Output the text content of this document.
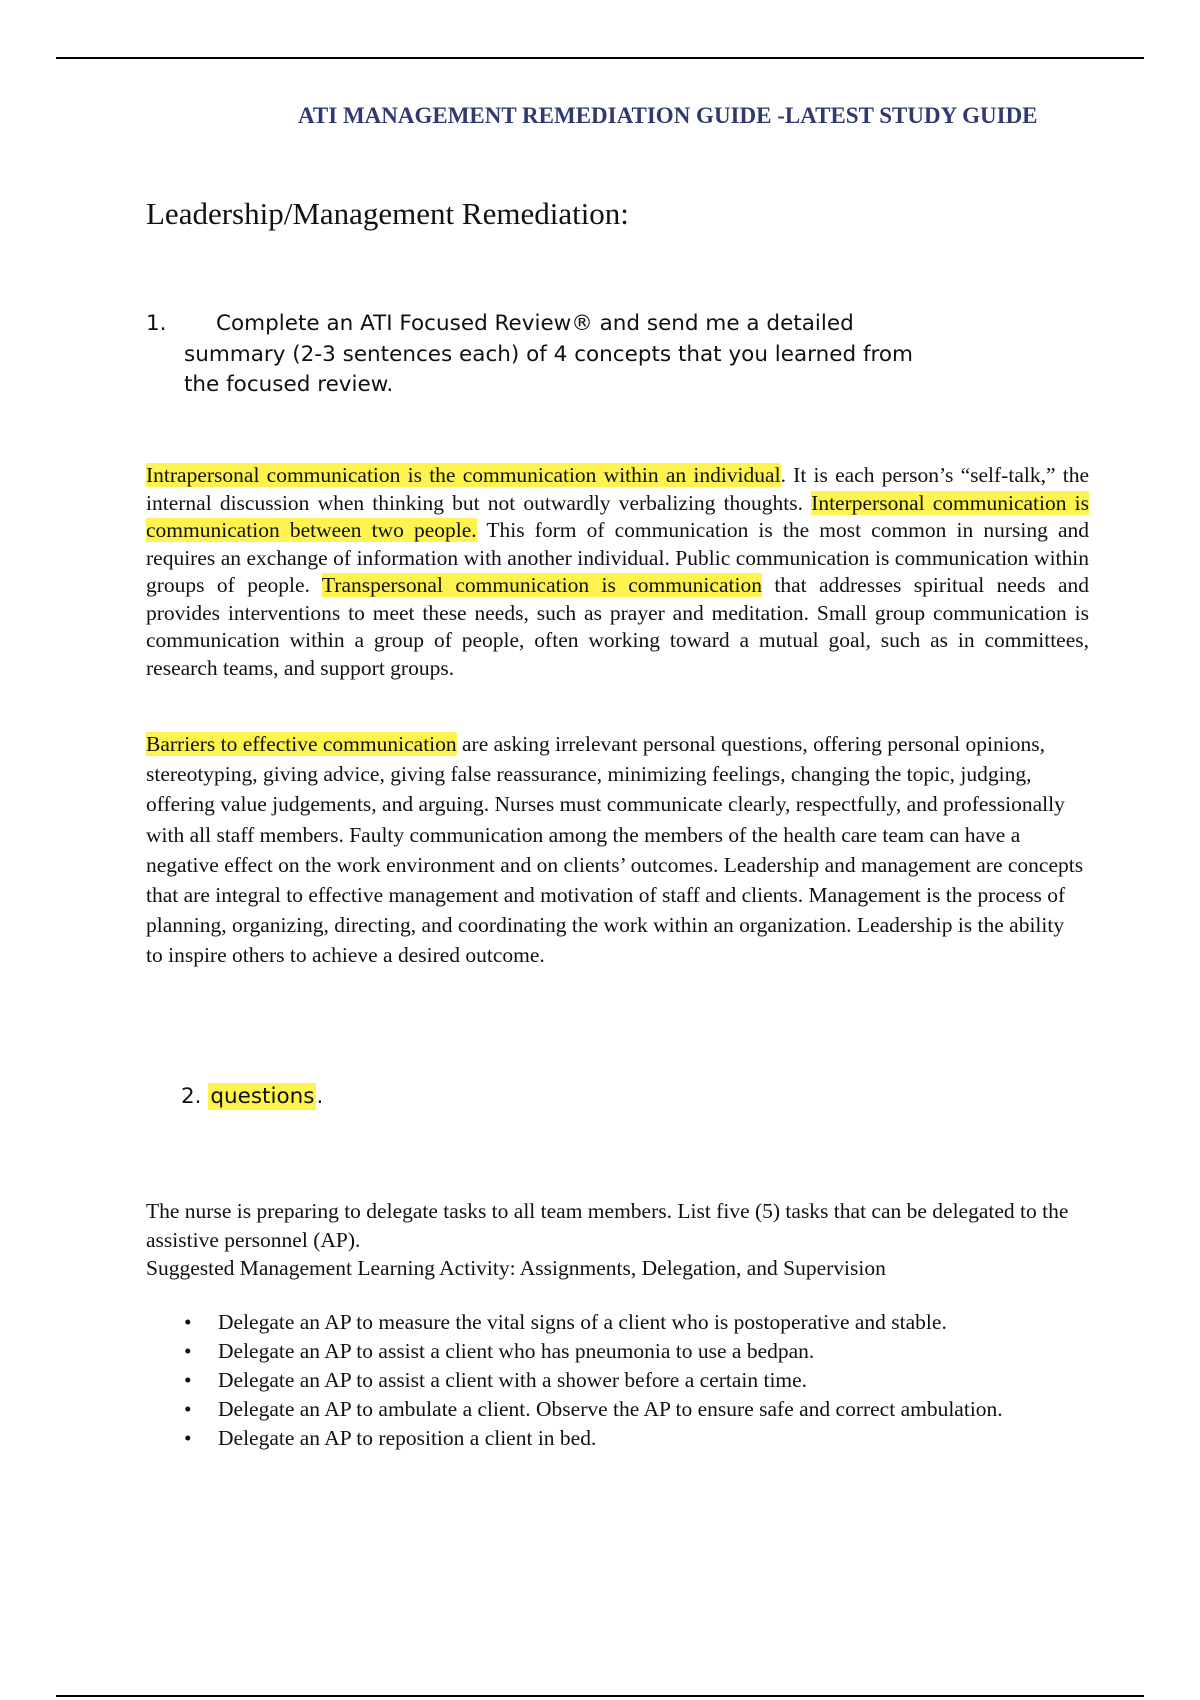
ATI MANAGEMENT REMEDIATION GUIDE -LATEST STUDY GUIDE
Leadership/Management Remediation:
1. Complete an ATI Focused Review® and send me a detailed
summary (2-3 sentences each) of 4 concepts that you learned from
the focused review.
Intrapersonal communication is the communication within an individual. It is each person’s “self-talk,” the internal discussion when thinking but not outwardly verbalizing thoughts. Interpersonal communication is communication between two people. This form of communication is the most common in nursing and requires an exchange of information with another individual. Public communication is communication within groups of people. Transpersonal communication is communication that addresses spiritual needs and provides interventions to meet these needs, such as prayer and meditation. Small group communication is communication within a group of people, often working toward a mutual goal, such as in committees, research teams, and support groups.
Barriers to effective communication are asking irrelevant personal questions, offering personal opinions, stereotyping, giving advice, giving false reassurance, minimizing feelings, changing the topic, judging, offering value judgements, and arguing. Nurses must communicate clearly, respectfully, and professionally with all staff members. Faulty communication among the members of the health care team can have a negative effect on the work environment and on clients’ outcomes. Leadership and management are concepts that are integral to effective management and motivation of staff and clients. Management is the process of planning, organizing, directing, and coordinating the work within an organization. Leadership is the ability to inspire others to achieve a desired outcome.
2. questions.
The nurse is preparing to delegate tasks to all team members. List five (5) tasks that can be delegated to the
assistive personnel (AP).
Suggested Management Learning Activity: Assignments, Delegation, and Supervision
• Delegate an AP to measure the vital signs of a client who is postoperative and stable.
• Delegate an AP to assist a client who has pneumonia to use a bedpan.
• Delegate an AP to assist a client with a shower before a certain time.
• Delegate an AP to ambulate a client. Observe the AP to ensure safe and correct ambulation.
• Delegate an AP to reposition a client in bed.
